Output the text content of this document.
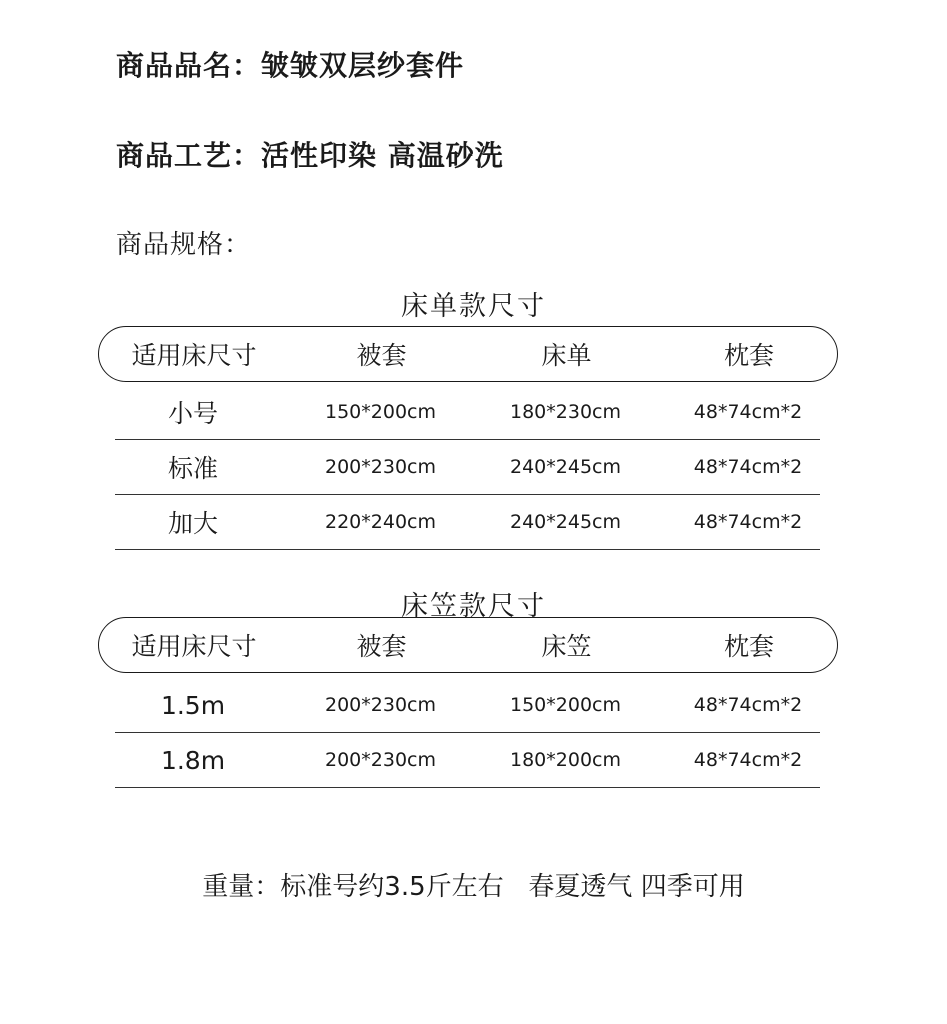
商品品名：皱皱双层纱套件
商品工艺：活性印染 高温砂洗
商品规格：
床单款尺寸
适用床尺寸	被套	床单	枕套
小号	150*200cm	180*230cm	48*74cm*2
标准	200*230cm	240*245cm	48*74cm*2
加大	220*240cm	240*245cm	48*74cm*2
床笠款尺寸
适用床尺寸	被套	床笠	枕套
1.5m	200*230cm	150*200cm	48*74cm*2
1.8m	200*230cm	180*200cm	48*74cm*2
重量：标准号约3.5斤左右   春夏透气 四季可用
